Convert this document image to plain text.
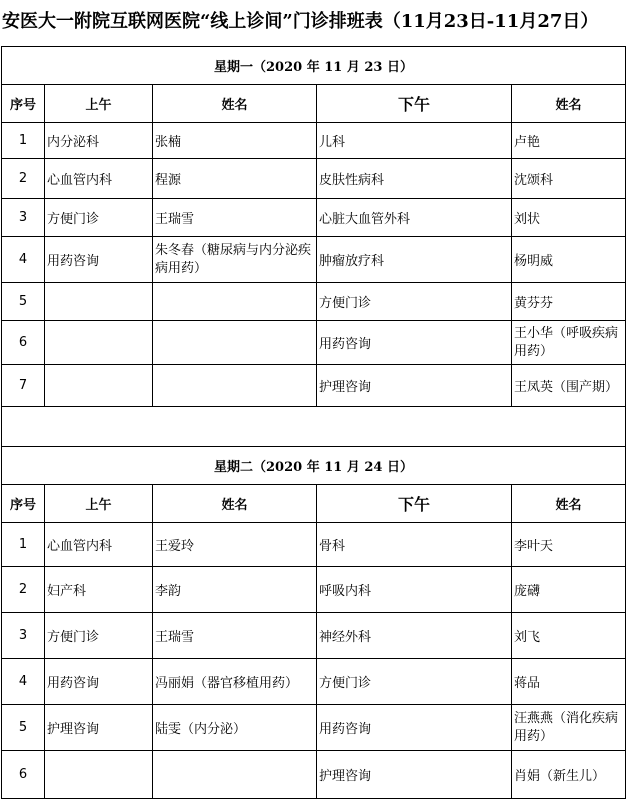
安医大一附院互联网医院“线上诊间”门诊排班表（11月23日-11月27日）
星期一（2020 年 11 月 23 日）				
序号	上午	姓名	下午	姓名
1	内分泌科	张楠	儿科	卢艳
2	心血管内科	程源	皮肤性病科	沈颂科
3	方便门诊	王瑞雪	心脏大血管外科	刘状
4	用药咨询	朱冬春（糖尿病与内分泌疾病用药）	肿瘤放疗科	杨明威
5			方便门诊	黄芬芬
6			用药咨询	王小华（呼吸疾病用药）
7			护理咨询	王凤英（围产期）

星期二（2020 年 11 月 24 日）				
序号	上午	姓名	下午	姓名
1	心血管内科	王爱玲	骨科	李叶天
2	妇产科	李韵	呼吸内科	庞礴
3	方便门诊	王瑞雪	神经外科	刘飞
4	用药咨询	冯丽娟（器官移植用药）	方便门诊	蒋品
5	护理咨询	陆雯（内分泌）	用药咨询	汪燕燕（消化疾病用药）
6			护理咨询	肖娟（新生儿）
